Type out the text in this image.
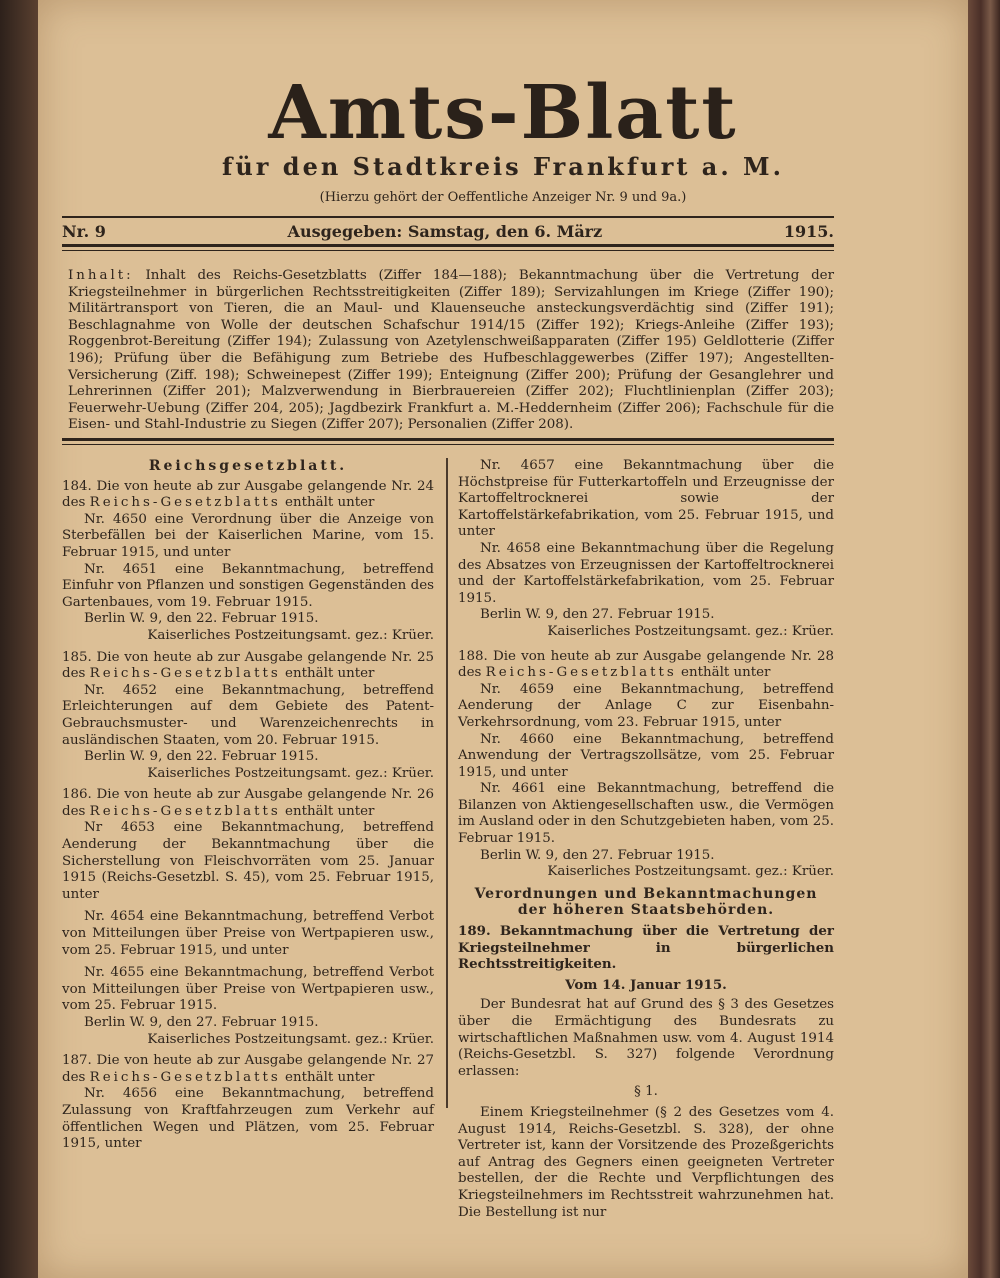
Amts-Blatt
für den Stadtkreis Frankfurt a. M.
(Hierzu gehört der Oeffentliche Anzeiger Nr. 9 und 9a.)
Nr. 9	Ausgegeben: Samstag, den 6. März	1915.
Inhalt: Inhalt des Reichs-Gesetzblatts (Ziffer 184—188); Bekanntmachung über die Vertretung der Kriegsteilnehmer in bürgerlichen Rechtsstreitigkeiten (Ziffer 189); Servizahlungen im Kriege (Ziffer 190); Militärtransport von Tieren, die an Maul- und Klauenseuche ansteckungsverdächtig sind (Ziffer 191); Beschlagnahme von Wolle der deutschen Schafschur 1914/15 (Ziffer 192); Kriegs-Anleihe (Ziffer 193); Roggenbrot-Bereitung (Ziffer 194); Zulassung von Azetylenschweißapparaten (Ziffer 195) Geldlotterie (Ziffer 196); Prüfung über die Befähigung zum Betriebe des Hufbeschlaggewerbes (Ziffer 197); Angestellten-Versicherung (Ziff. 198); Schweinepest (Ziffer 199); Enteignung (Ziffer 200); Prüfung der Gesanglehrer und Lehrerinnen (Ziffer 201); Malzverwendung in Bierbrauereien (Ziffer 202); Fluchtlinienplan (Ziffer 203); Feuerwehr-Uebung (Ziffer 204, 205); Jagdbezirk Frankfurt a. M.-Heddernheim (Ziffer 206); Fachschule für die Eisen- und Stahl-Industrie zu Siegen (Ziffer 207); Personalien (Ziffer 208).

Reichsgesetzblatt.

184. Die von heute ab zur Ausgabe gelangende Nr. 24 des Reichs-Gesetzblatts enthält unter

Nr. 4650 eine Verordnung über die Anzeige von Sterbefällen bei der Kaiserlichen Marine, vom 15. Februar 1915, und unter

Nr. 4651 eine Bekanntmachung, betreffend Einfuhr von Pflanzen und sonstigen Gegenständen des Gartenbaues, vom 19. Februar 1915.

Berlin W. 9, den 22. Februar 1915.

Kaiserliches Postzeitungsamt. gez.: Krüer.

185. Die von heute ab zur Ausgabe gelangende Nr. 25 des Reichs-Gesetzblatts enthält unter

Nr. 4652 eine Bekanntmachung, betreffend Erleichterungen auf dem Gebiete des Patent-Gebrauchsmuster- und Warenzeichenrechts in ausländischen Staaten, vom 20. Februar 1915.

Berlin W. 9, den 22. Februar 1915.

Kaiserliches Postzeitungsamt. gez.: Krüer.

186. Die von heute ab zur Ausgabe gelangende Nr. 26 des Reichs-Gesetzblatts enthält unter

Nr 4653 eine Bekanntmachung, betreffend Aenderung der Bekanntmachung über die Sicherstellung von Fleischvorräten vom 25. Januar 1915 (Reichs-Gesetzbl. S. 45), vom 25. Februar 1915, unter

Nr. 4654 eine Bekanntmachung, betreffend Verbot von Mitteilungen über Preise von Wertpapieren usw., vom 25. Februar 1915, und unter

Nr. 4655 eine Bekanntmachung, betreffend Verbot von Mitteilungen über Preise von Wertpapieren usw., vom 25. Februar 1915.

Berlin W. 9, den 27. Februar 1915.

Kaiserliches Postzeitungsamt. gez.: Krüer.

187. Die von heute ab zur Ausgabe gelangende Nr. 27 des Reichs-Gesetzblatts enthält unter

Nr. 4656 eine Bekanntmachung, betreffend Zulassung von Kraftfahrzeugen zum Verkehr auf öffentlichen Wegen und Plätzen, vom 25. Februar 1915, unter

Nr. 4657 eine Bekanntmachung über die Höchstpreise für Futterkartoffeln und Erzeugnisse der Kartoffeltrocknerei sowie der Kartoffelstärkefabrikation, vom 25. Februar 1915, und unter

Nr. 4658 eine Bekanntmachung über die Regelung des Absatzes von Erzeugnissen der Kartoffeltrocknerei und der Kartoffelstärkefabrikation, vom 25. Februar 1915.

Berlin W. 9, den 27. Februar 1915.

Kaiserliches Postzeitungsamt. gez.: Krüer.

188. Die von heute ab zur Ausgabe gelangende Nr. 28 des Reichs-Gesetzblatts enthält unter

Nr. 4659 eine Bekanntmachung, betreffend Aenderung der Anlage C zur Eisenbahn-Verkehrsordnung, vom 23. Februar 1915, unter

Nr. 4660 eine Bekanntmachung, betreffend Anwendung der Vertragszollsätze, vom 25. Februar 1915, und unter

Nr. 4661 eine Bekanntmachung, betreffend die Bilanzen von Aktiengesellschaften usw., die Vermögen im Ausland oder in den Schutzgebieten haben, vom 25. Februar 1915.

Berlin W. 9, den 27. Februar 1915.

Kaiserliches Postzeitungsamt. gez.: Krüer.

Verordnungen und Bekanntmachungen der höheren Staatsbehörden.

189. Bekanntmachung über die Vertretung der Kriegsteilnehmer in bürgerlichen Rechtsstreitigkeiten.

Vom 14. Januar 1915.

Der Bundesrat hat auf Grund des § 3 des Gesetzes über die Ermächtigung des Bundesrats zu wirtschaftlichen Maßnahmen usw. vom 4. August 1914 (Reichs-Gesetzbl. S. 327) folgende Verordnung erlassen:

§ 1.

Einem Kriegsteilnehmer (§ 2 des Gesetzes vom 4. August 1914, Reichs-Gesetzbl. S. 328), der ohne Vertreter ist, kann der Vorsitzende des Prozeßgerichts auf Antrag des Gegners einen geeigneten Vertreter bestellen, der die Rechte und Verpflichtungen des Kriegsteilnehmers im Rechtsstreit wahrzunehmen hat. Die Bestellung ist nur
